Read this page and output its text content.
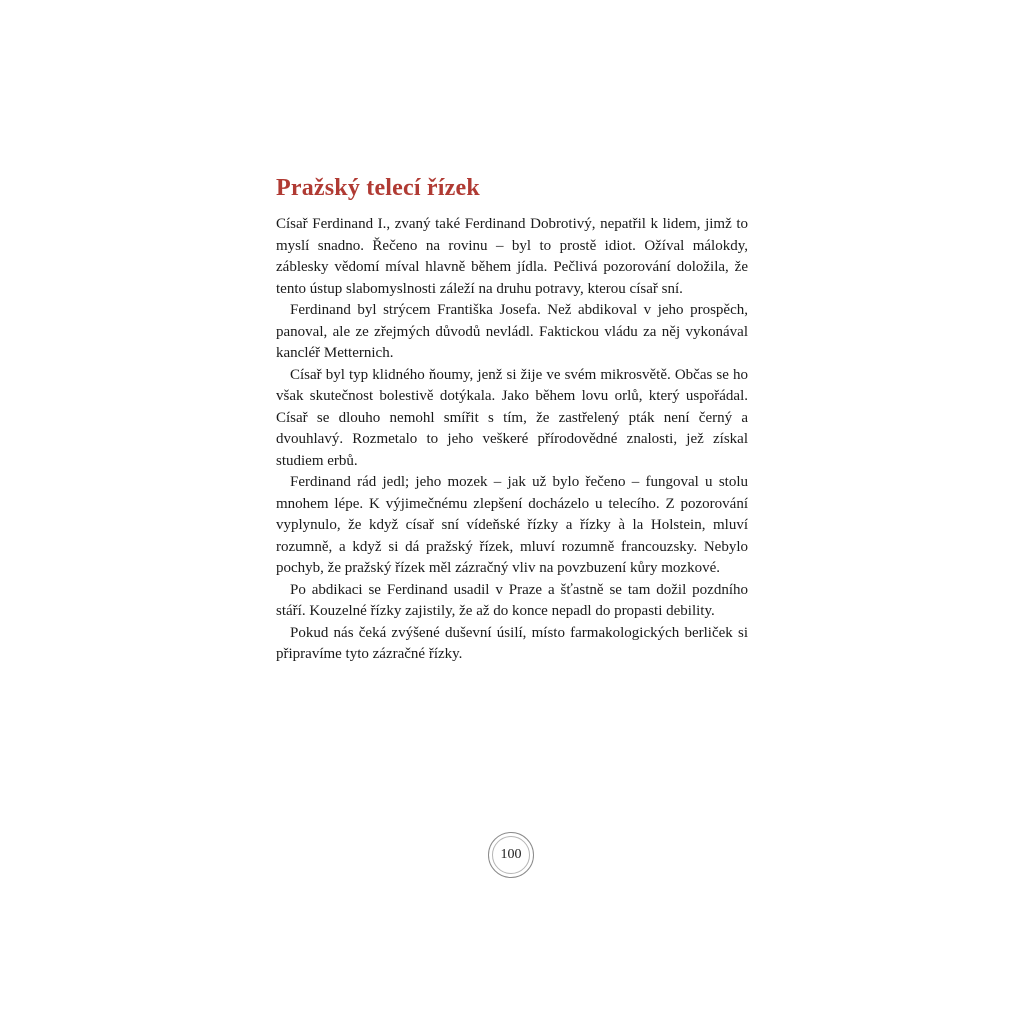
Pražský telecí řízek

Císař Ferdinand I., zvaný také Ferdinand Dobrotivý, nepatřil k lidem, jimž to myslí snadno. Řečeno na rovinu – byl to prostě idiot. Ožíval málokdy, záblesky vědomí míval hlavně během jídla. Pečlivá pozorování doložila, že tento ústup slabomyslnosti záleží na druhu potravy, kterou císař sní.

Ferdinand byl strýcem Františka Josefa. Než abdikoval v jeho prospěch, panoval, ale ze zřejmých důvodů nevládl. Faktickou vládu za něj vykonával kancléř Metternich.

Císař byl typ klidného ňoumy, jenž si žije ve svém mikrosvětě. Občas se ho však skutečnost bolestivě dotýkala. Jako během lovu orlů, který uspořádal. Císař se dlouho nemohl smířit s tím, že zastřelený pták není černý a dvouhlavý. Rozmetalo to jeho veškeré přírodovědné znalosti, jež získal studiem erbů.

Ferdinand rád jedl; jeho mozek – jak už bylo řečeno – fungoval u stolu mnohem lépe. K výjimečnému zlepšení docházelo u telecího. Z pozorování vyplynulo, že když císař sní vídeňské řízky a řízky à la Holstein, mluví rozumně, a když si dá pražský řízek, mluví rozumně francouzsky. Nebylo pochyb, že pražský řízek měl zázračný vliv na povzbuzení kůry mozkové.

Po abdikaci se Ferdinand usadil v Praze a šťastně se tam dožil pozdního stáří. Kouzelné řízky zajistily, že až do konce nepadl do propasti debility.

Pokud nás čeká zvýšené duševní úsilí, místo farmakologických berliček si připravíme tyto zázračné řízky.

100
